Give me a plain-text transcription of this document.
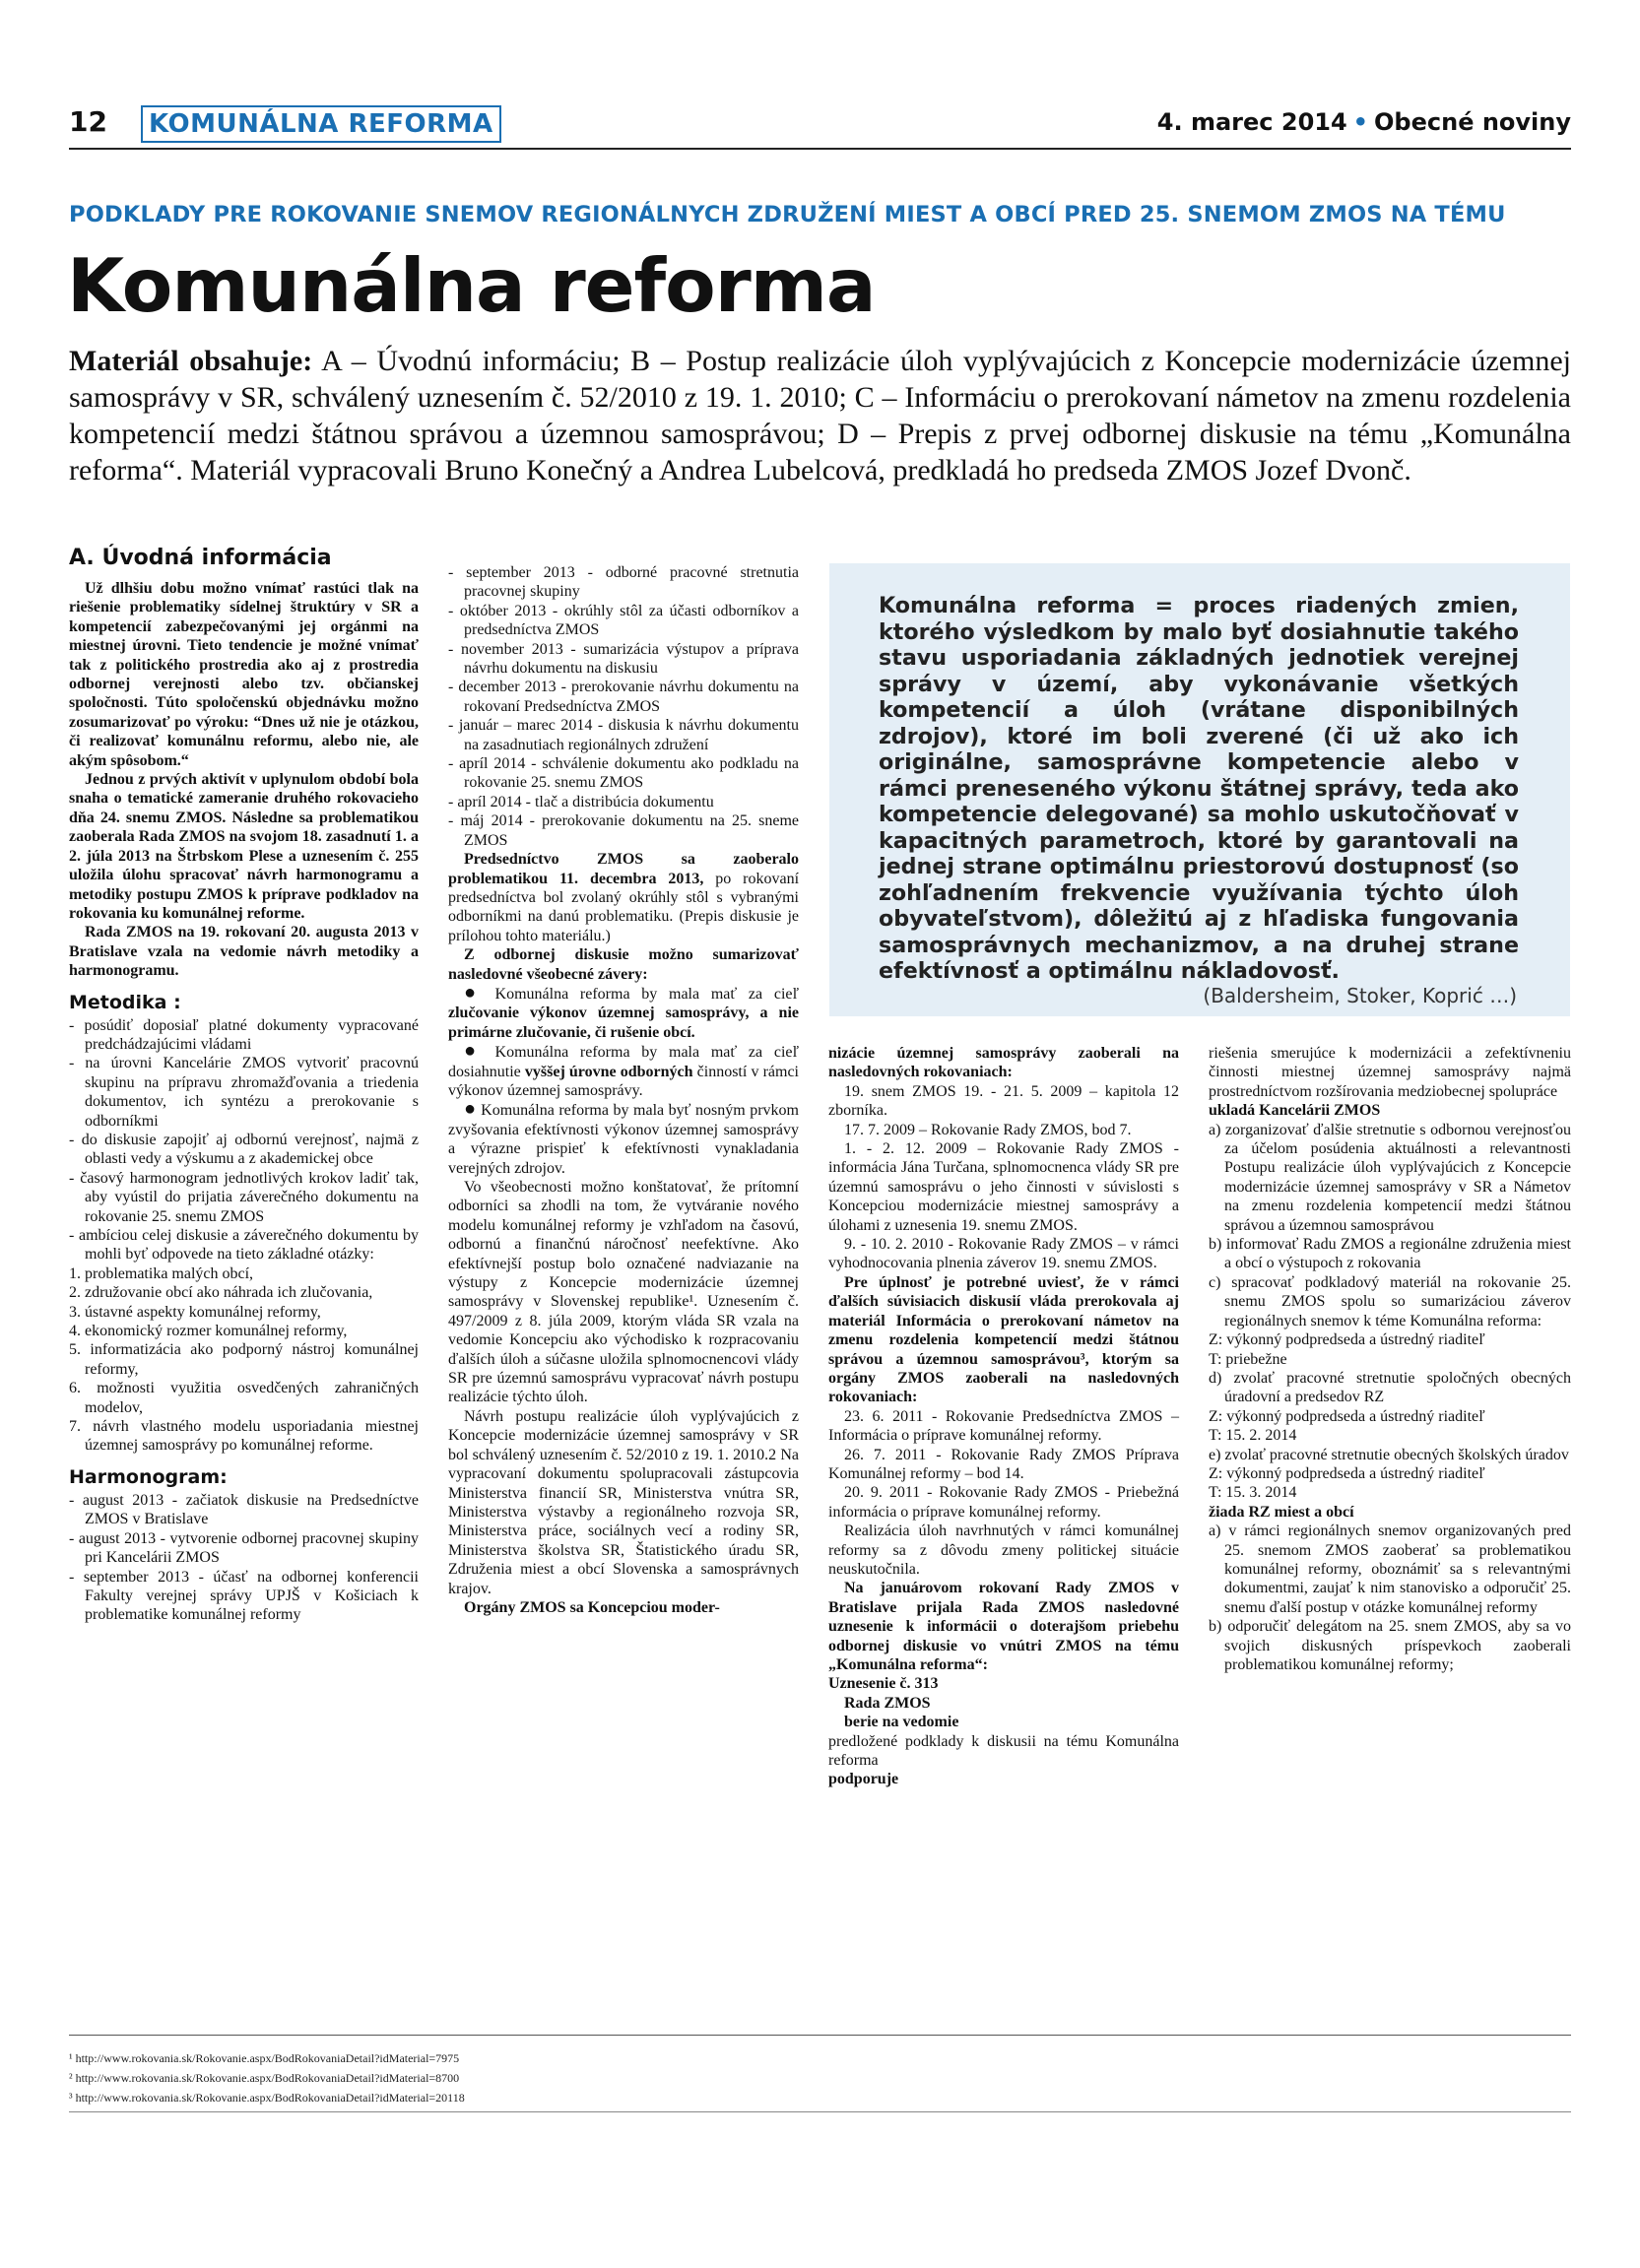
12	KOMUNÁLNA REFORMA	4. marec 2014 • Obecné noviny
PODKLADY PRE ROKOVANIE SNEMOV REGIONÁLNYCH ZDRUŽENÍ MIEST A OBCÍ PRED 25. SNEMOM ZMOS NA TÉMU
Komunálna reforma
Materiál obsahuje: A – Úvodnú informáciu; B – Postup realizácie úloh vyplývajúcich z Koncepcie modernizácie územnej samosprávy v SR, schválený uznesením č. 52/2010 z 19. 1. 2010; C – Informáciu o prerokovaní námetov na zmenu rozdelenia kompetencií medzi štátnou správou a územnou samosprávou; D – Prepis z prvej odbornej diskusie na tému „Komunálna reforma“. Materiál vypracovali Bruno Konečný a Andrea Lubelcová, predkladá ho predseda ZMOS Jozef Dvonč.
A. Úvodná informácia

Už dlhšiu dobu možno vnímať rastúci tlak na riešenie problematiky sídelnej štruktúry v SR a kompetencií zabezpečovanými jej orgánmi na miestnej úrovni. Tieto tendencie je možné vnímať tak z politického prostredia ako aj z prostredia odbornej verejnosti alebo tzv. občianskej spoločnosti. Túto spoločenskú objednávku možno zosumarizovať po výroku: “Dnes už nie je otázkou, či realizovať komunálnu reformu, alebo nie, ale akým spôsobom.“

Jednou z prvých aktivít v uplynulom období bola snaha o tematické zameranie druhého rokovacieho dňa 24. snemu ZMOS. Následne sa problematikou zaoberala Rada ZMOS na svojom 18. zasadnutí 1. a 2. júla 2013 na Štrbskom Plese a uznesením č. 255 uložila úlohu spracovať návrh harmonogramu a metodiky postupu ZMOS k príprave podkladov na rokovania ku komunálnej reforme.

Rada ZMOS na 19. rokovaní 20. augusta 2013 v Bratislave vzala na vedomie návrh metodiky a harmonogramu.

Metodika :
- posúdiť doposiaľ platné dokumenty vypracované predchádzajúcimi vládami
- na úrovni Kancelárie ZMOS vytvoriť pracovnú skupinu na prípravu zhromažďovania a triedenia dokumentov, ich syntézu a prerokovanie s odborníkmi
- do diskusie zapojiť aj odbornú verejnosť, najmä z oblasti vedy a výskumu a z akademickej obce
- časový harmonogram jednotlivých krokov ladiť tak, aby vyústil do prijatia záverečného dokumentu na rokovanie 25. snemu ZMOS
- ambíciou celej diskusie a záverečného dokumentu by mohli byť odpovede na tieto základné otázky:
1. problematika malých obcí,
2. združovanie obcí ako náhrada ich zlučovania,
3. ústavné aspekty komunálnej reformy,
4. ekonomický rozmer komunálnej reformy,
5. informatizácia ako podporný nástroj komunálnej reformy,
6. možnosti využitia osvedčených zahraničných modelov,
7. návrh vlastného modelu usporiadania miestnej územnej samosprávy po komunálnej reforme.
Harmonogram:
- august 2013 - začiatok diskusie na Predsedníctve ZMOS v Bratislave
- august 2013 - vytvorenie odbornej pracovnej skupiny pri Kancelárii ZMOS
- september 2013 - účasť na odbornej konferencii Fakulty verejnej správy UPJŠ v Košiciach k problematike komunálnej reformy
- september 2013 - odborné pracovné stretnutia pracovnej skupiny
- október 2013 - okrúhly stôl za účasti odborníkov a predsedníctva ZMOS
- november 2013 - sumarizácia výstupov a príprava návrhu dokumentu na diskusiu
- december 2013 - prerokovanie návrhu dokumentu na rokovaní Predsedníctva ZMOS
- január – marec 2014 - diskusia k návrhu dokumentu na zasadnutiach regionálnych združení
- apríl 2014 - schválenie dokumentu ako podkladu na rokovanie 25. snemu ZMOS
- apríl 2014 - tlač a distribúcia dokumentu
- máj 2014 - prerokovanie dokumentu na 25. sneme ZMOS

Predsedníctvo ZMOS sa zaoberalo problematikou 11. decembra 2013, po rokovaní predsedníctva bol zvolaný okrúhly stôl s vybranými odborníkmi na danú problematiku. (Prepis diskusie je prílohou tohto materiálu.)

Z odbornej diskusie možno sumarizovať nasledovné všeobecné závery:

● Komunálna reforma by mala mať za cieľ zlučovanie výkonov územnej samosprávy, a nie primárne zlučovanie, či rušenie obcí.

● Komunálna reforma by mala mať za cieľ dosiahnutie vyššej úrovne odborných činností v rámci výkonov územnej samosprávy.

● Komunálna reforma by mala byť nosným prvkom zvyšovania efektívnosti výkonov územnej samosprávy a výrazne prispieť k efektívnosti vynakladania verejných zdrojov.

Vo všeobecnosti možno konštatovať, že prítomní odborníci sa zhodli na tom, že vytváranie nového modelu komunálnej reformy je vzhľadom na časovú, odbornú a finančnú náročnosť neefektívne. Ako efektívnejší postup bolo označené nadviazanie na výstupy z Koncepcie modernizácie územnej samosprávy v Slovenskej republike¹. Uznesením č. 497/2009 z 8. júla 2009, ktorým vláda SR vzala na vedomie Koncepciu ako východisko k rozpracovaniu ďalších úloh a súčasne uložila splnomocnencovi vlády SR pre územnú samosprávu vypracovať návrh postupu realizácie týchto úloh.

Návrh postupu realizácie úloh vyplývajúcich z Koncepcie modernizácie územnej samosprávy v SR bol schválený uznesením č. 52/2010 z 19. 1. 2010.2 Na vypracovaní dokumentu spolupracovali zástupcovia Ministerstva financií SR, Ministerstva vnútra SR, Ministerstva výstavby a regionálneho rozvoja SR, Ministerstva práce, sociálnych vecí a rodiny SR, Ministerstva školstva SR, Štatistického úradu SR, Združenia miest a obcí Slovenska a samosprávnych krajov.

Orgány ZMOS sa Koncepciou moder-

Komunálna reforma = proces riadených zmien, ktorého výsledkom by malo byť dosiahnutie takého stavu usporiadania základných jednotiek verejnej správy v území, aby vykonávanie všetkých kompetencií a úloh (vrátane disponibilných zdrojov), ktoré im boli zverené (či už ako ich originálne, samosprávne kompetencie alebo v rámci preneseného výkonu štátnej správy, teda ako kompetencie delegované) sa mohlo uskutočňovať v kapacitných parametroch, ktoré by garantovali na jednej strane optimálnu priestorovú dostupnosť (so zohľadnením frekvencie využívania týchto úloh obyvateľstvom), dôležitú aj z hľadiska fungovania samosprávnych mechanizmov, a na druhej strane efektívnosť a optimálnu nákladovosť.
(Baldersheim, Stoker, Koprić …)
nizácie územnej samosprávy zaoberali na nasledovných rokovaniach:

19. snem ZMOS 19. - 21. 5. 2009 – kapitola 12 zborníka.

17. 7. 2009 – Rokovanie Rady ZMOS, bod 7.

1. - 2. 12. 2009 – Rokovanie Rady ZMOS - informácia Jána Turčana, splnomocnenca vlády SR pre územnú samosprávu o jeho činnosti v súvislosti s Koncepciou modernizácie miestnej samosprávy a úlohami z uznesenia 19. snemu ZMOS.

9. - 10. 2. 2010 - Rokovanie Rady ZMOS – v rámci vyhodnocovania plnenia záverov 19. snemu ZMOS.

Pre úplnosť je potrebné uviesť, že v rámci ďalších súvisiacich diskusií vláda prerokovala aj materiál Informácia o prerokovaní námetov na zmenu rozdelenia kompetencií medzi štátnou správou a územnou samosprávou³, ktorým sa orgány ZMOS zaoberali na nasledovných rokovaniach:

23. 6. 2011 - Rokovanie Predsedníctva ZMOS – Informácia o príprave komunálnej reformy.

26. 7. 2011 - Rokovanie Rady ZMOS Príprava Komunálnej reformy – bod 14.

20. 9. 2011 - Rokovanie Rady ZMOS - Priebežná informácia o príprave komunálnej reformy.

Realizácia úloh navrhnutých v rámci komunálnej reformy sa z dôvodu zmeny politickej situácie neuskutočnila.

Na januárovom rokovaní Rady ZMOS v Bratislave prijala Rada ZMOS nasledovné uznesenie k informácii o doterajšom priebehu odbornej diskusie vo vnútri ZMOS na tému „Komunálna reforma“:

Uznesenie č. 313

Rada ZMOS

berie na vedomie

predložené podklady k diskusii na tému Komunálna reforma
podporuje
riešenia smerujúce k modernizácii a zefektívneniu činnosti miestnej územnej samosprávy najmä prostredníctvom rozšírovania medziobecnej spolupráce
ukladá Kancelárii ZMOS
a) zorganizovať ďalšie stretnutie s odbornou verejnosťou za účelom posúdenia aktuálnosti a relevantnosti Postupu realizácie úloh vyplývajúcich z Koncepcie modernizácie územnej samosprávy v SR a Námetov na zmenu rozdelenia kompetencií medzi štátnou správou a územnou samosprávou
b) informovať Radu ZMOS a regionálne združenia miest a obcí o výstupoch z rokovania
c) spracovať podkladový materiál na rokovanie 25. snemu ZMOS spolu so sumarizáciou záverov regionálnych snemov k téme Komunálna reforma:
Z: výkonný podpredseda a ústredný riaditeľ
T: priebežne
d) zvolať pracovné stretnutie spoločných obecných úradovní a predsedov RZ
Z: výkonný podpredseda a ústredný riaditeľ
T: 15. 2. 2014
e) zvolať pracovné stretnutie obecných školských úradov
Z: výkonný podpredseda a ústredný riaditeľ
T: 15. 3. 2014
žiada RZ miest a obcí
a) v rámci regionálnych snemov organizovaných pred 25. snemom ZMOS zaoberať sa problematikou komunálnej reformy, oboznámiť sa s relevantnými dokumentmi, zaujať k nim stanovisko a odporučiť 25. snemu ďalší postup v otázke komunálnej reformy
b) odporučiť delegátom na 25. snem ZMOS, aby sa vo svojich diskusných príspevkoch zaoberali problematikou komunálnej reformy;
¹ http://www.rokovania.sk/Rokovanie.aspx/BodRokovaniaDetail?idMaterial=7975
² http://www.rokovania.sk/Rokovanie.aspx/BodRokovaniaDetail?idMaterial=8700
³ http://www.rokovania.sk/Rokovanie.aspx/BodRokovaniaDetail?idMaterial=20118
